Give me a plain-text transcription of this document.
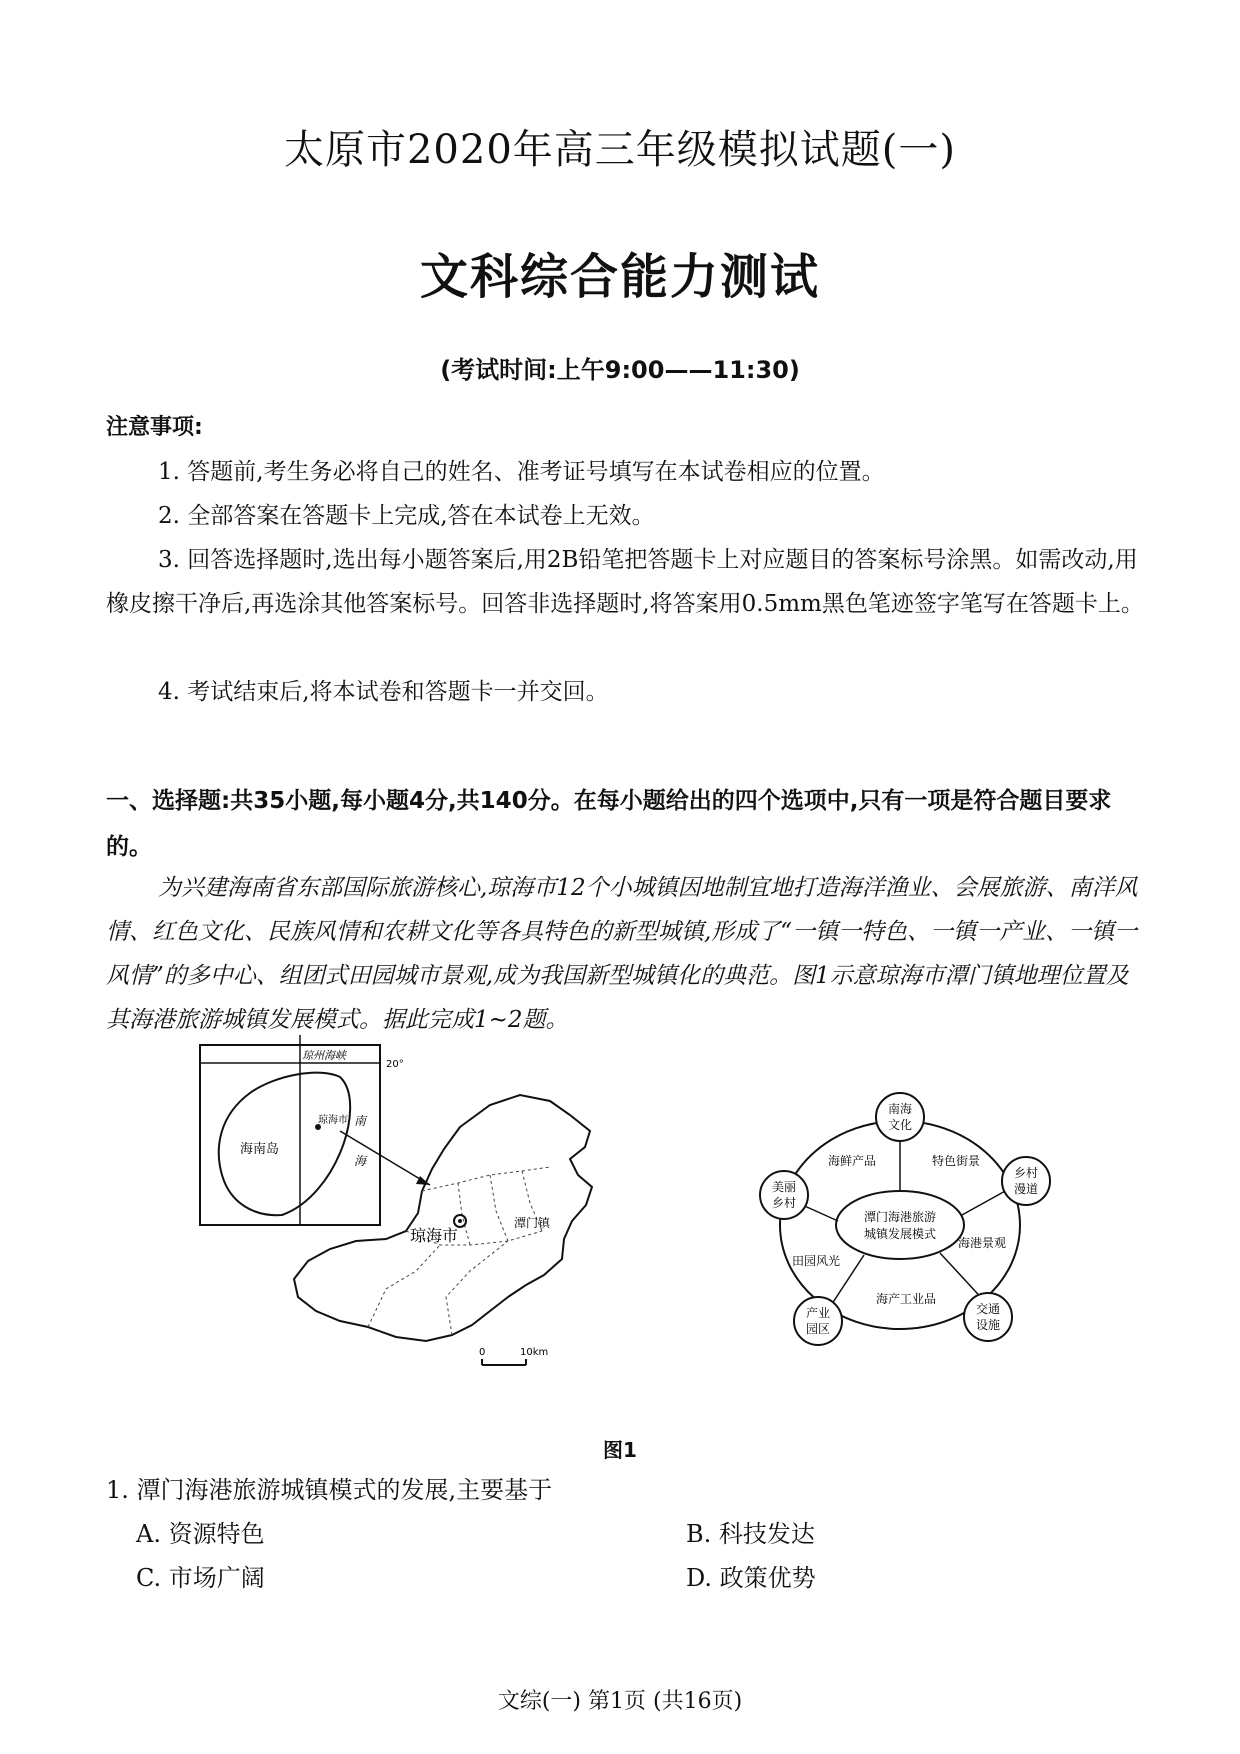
太原市2020年高三年级模拟试题(一)
文科综合能力测试
(考试时间:上午9:00——11:30)
注意事项:
1. 答题前,考生务必将自己的姓名、准考证号填写在本试卷相应的位置。
2. 全部答案在答题卡上完成,答在本试卷上无效。
3. 回答选择题时,选出每小题答案后,用2B铅笔把答题卡上对应题目的答案标号涂黑。如需改动,用橡皮擦干净后,再选涂其他答案标号。回答非选择题时,将答案用0.5mm黑色笔迹签字笔写在答题卡上。
4. 考试结束后,将本试卷和答题卡一并交回。
一、选择题:共35小题,每小题4分,共140分。在每小题给出的四个选项中,只有一项是符合题目要求的。
为兴建海南省东部国际旅游核心,琼海市12个小城镇因地制宜地打造海洋渔业、会展旅游、南洋风情、红色文化、民族风情和农耕文化等各具特色的新型城镇,形成了“一镇一特色、一镇一产业、一镇一风情”的多中心、组团式田园城市景观,成为我国新型城镇化的典范。图1示意琼海市潭门镇地理位置及其海港旅游城镇发展模式。据此完成1~2题。
20°
琼州海峡
海南岛
琼海市 南
海
琼海市
潭门镇
0	10km
潭门海港旅游
城镇发展模式
南海
文化
乡村
漫道
交通
设施
产业
园区
美丽
乡村
海鲜产品	特色街景
海港景观
海产工业品
田园风光
图1
1. 潭门海港旅游城镇模式的发展,主要基于
A. 资源特色	B. 科技发达
C. 市场广阔	D. 政策优势
文综(一) 第1页 (共16页)
